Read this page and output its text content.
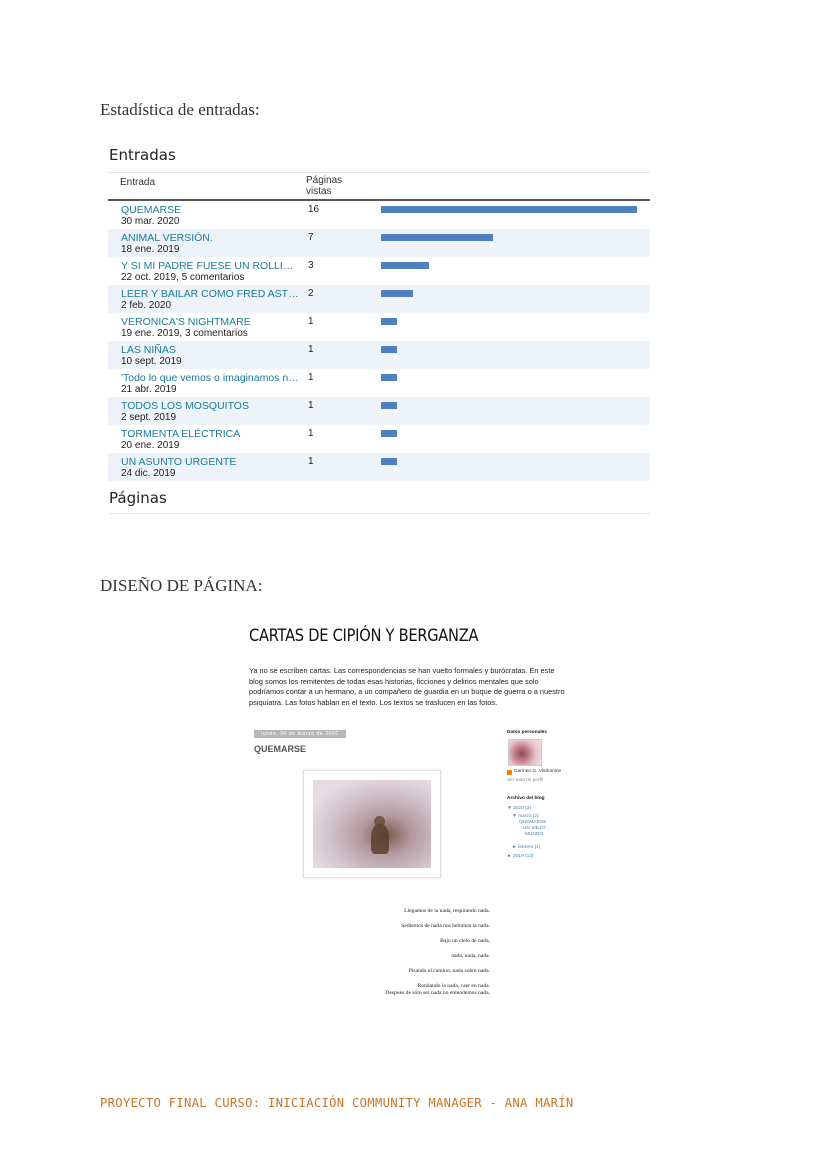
Estadística de entradas:
Entradas
Entrada	Páginas vistas
QUEMARSE
30 mar. 2020
16
ANIMAL VERSIÓN.
18 ene. 2019
7
Y SI MI PADRE FUESE UN ROLLI…
22 oct. 2019, 5 comentarios
3
LEER Y BAILAR COMO FRED AST…
2 feb. 2020
2
VERONICA'S NIGHTMARE
19 ene. 2019, 3 comentarios
1
LAS NIÑAS
10 sept. 2019
1
'Todo lo que vemos o imaginamos n…
21 abr. 2019
1
TODOS LOS MOSQUITOS
2 sept. 2019
1
TORMENTA ELÉCTRICA
20 ene. 2019
1
UN ASUNTO URGENTE
24 dic. 2019
1
Páginas
DISEÑO DE PÁGINA:
CARTAS DE CIPIÓN Y BERGANZA
Ya no se escriben cartas. Las correspondencias se han vuelto formales y burócratas. En este blog somos los remitentes de todas esas historias, ficciones y delirios mentales que solo podríamos contar a un hermano, a un compañero de guardia en un buque de guerra o a nuestro psiquiatra. Las fotos hablan en el texto. Los textos se traslucen en las fotos.
lunes, 30 de marzo de 2020
QUEMARSE
Llegamos de la nada, respirando nada.
Sedientos de nada nos bebimos la nada.
Bajo un cielo de nada,
nada, nada, nada.
Pisando el camino, nada sobre nada.
Rondando la nada, caer en nada.
Después de sólo ser nada no entendemos nada.
Datos personales
Carmen G. Vlsdomine
Ver todo mi perfil
Archivo del blog
▼ 2020 (3)
▼ marzo (2)
QUEMARSE
UN VIEJO MUNDO
► febrero (1)
► 2019 (13)
PROYECTO FINAL CURSO: INICIACIÓN COMMUNITY MANAGER - ANA MARÍN
